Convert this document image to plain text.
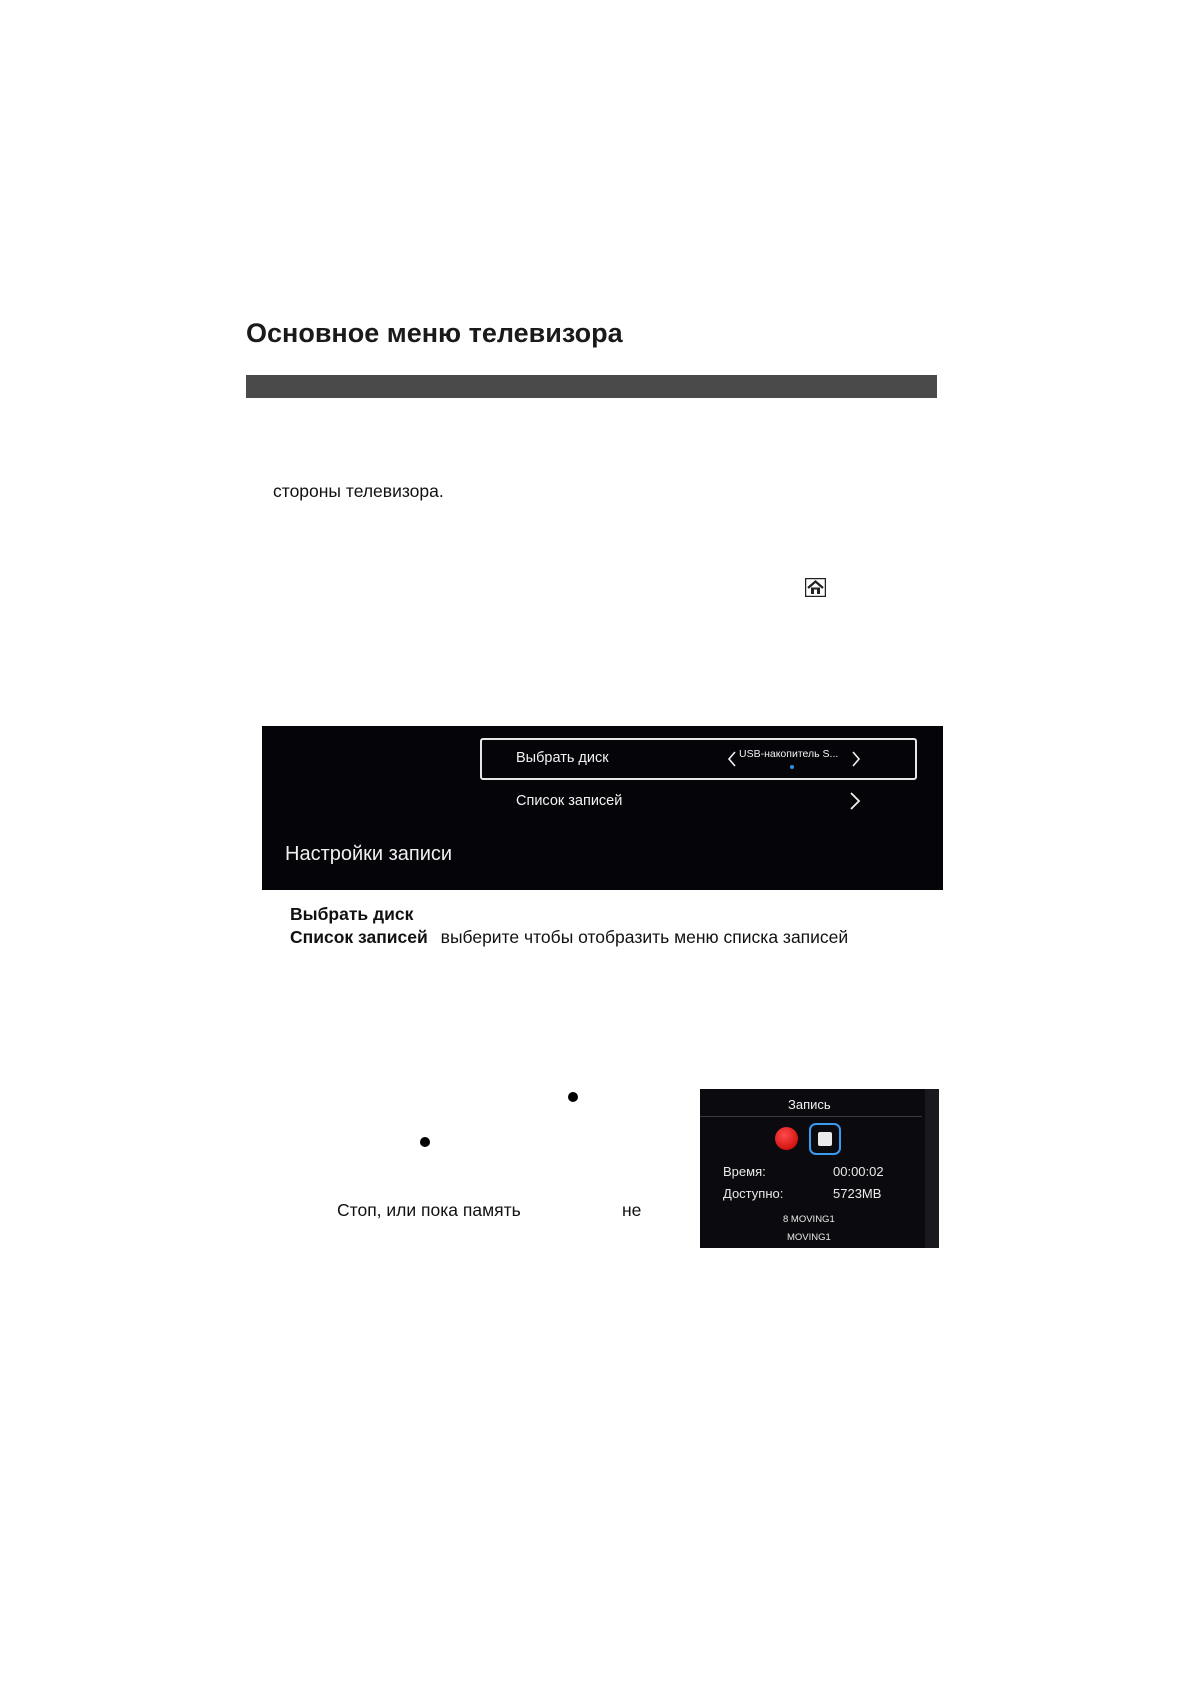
Основное меню телевизора
стороны телевизора.
Выбрать диск	USB-накопитель S...
Список записей
Настройки записи
Выбрать диск
Список записей выберите чтобы отобразить меню списка записей
Стоп, или пока память	не
Запись
Время:	00:00:02
Доступно:	5723MB
8 MOVING1
MOVING1
